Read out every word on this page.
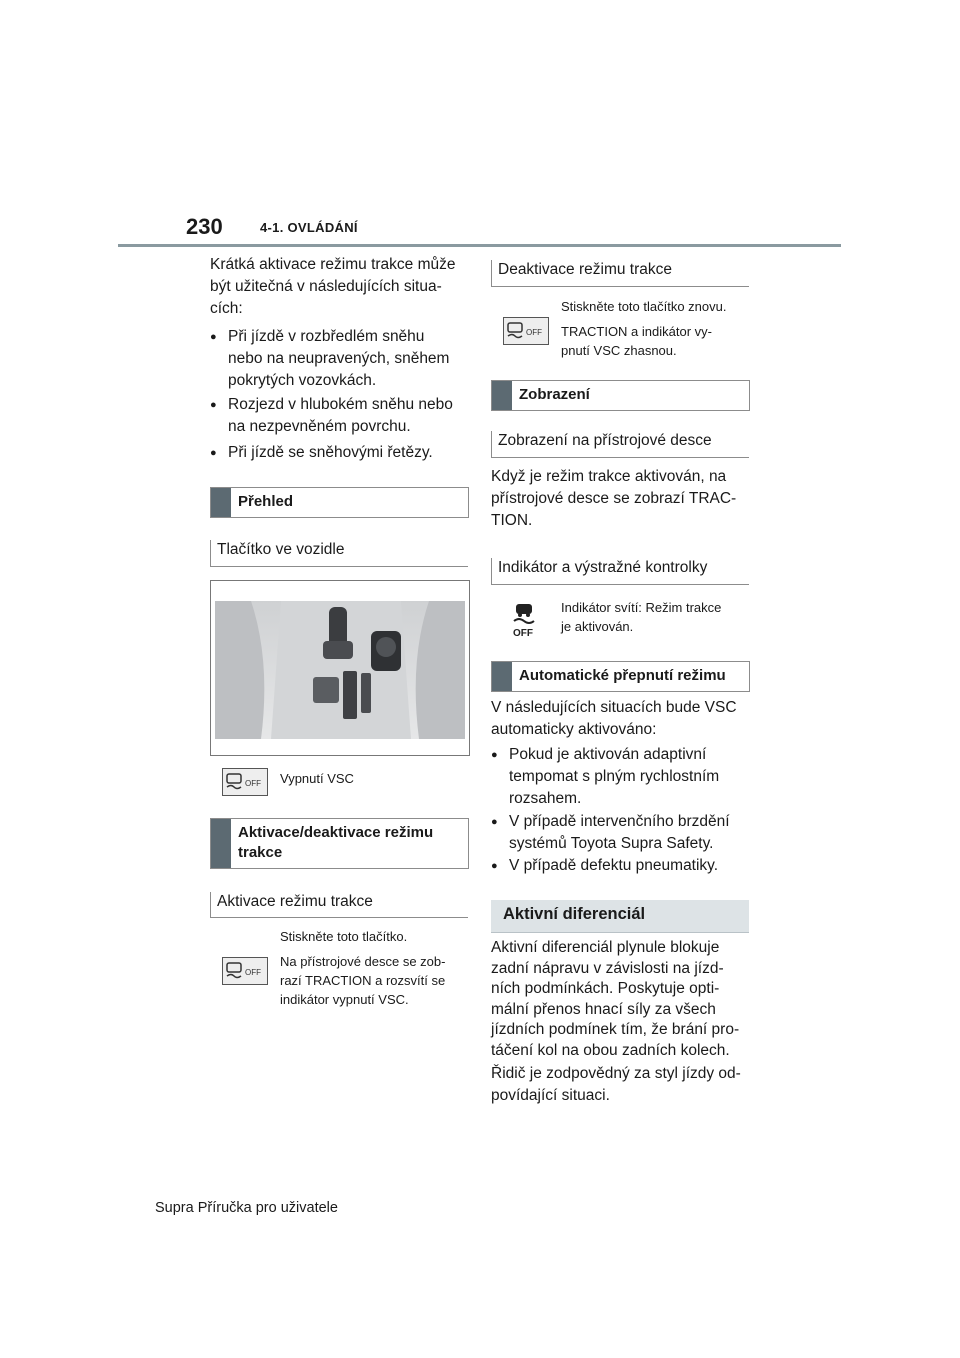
230	4-1. OVLÁDÁNÍ
Krátká aktivace režimu trakce může
být užitečná v následujících situa-
cích:
● Při jízdě v rozbředlém sněhu
nebo na neupravených, sněhem
pokrytých vozovkách.
● Rozjezd v hlubokém sněhu nebo
na nezpevněném povrchu.
● Při jízdě se sněhovými řetězy.
Přehled
Tlačítko ve vozidle
OFF Vypnutí VSC
Aktivace/deaktivace režimu
trakce
Aktivace režimu trakce
Stiskněte toto tlačítko.
Na přístrojové desce se zob-
razí TRACTION a rozsvítí se
indikátor vypnutí VSC.
OFF
Deaktivace režimu trakce
Stiskněte toto tlačítko znovu.
TRACTION a indikátor vy-
pnutí VSC zhasnou.
OFF
Zobrazení
Zobrazení na přístrojové desce
Když je režim trakce aktivován, na
přístrojové desce se zobrazí TRAC-
TION.
Indikátor a výstražné kontrolky
OFF
Indikátor svítí: Režim trakce
je aktivován.
Automatické přepnutí režimu
V následujících situacích bude VSC
automaticky aktivováno:
● Pokud je aktivován adaptivní
tempomat s plným rychlostním
rozsahem.
● V případě intervenčního brzdění
systémů Toyota Supra Safety.
● V případě defektu pneumatiky.
Aktivní diferenciál
Aktivní diferenciál plynule blokuje
zadní nápravu v závislosti na jízd-
ních podmínkách. Poskytuje opti-
mální přenos hnací síly za všech
jízdních podmínek tím, že brání pro-
táčení kol na obou zadních kolech.
Řidič je zodpovědný za styl jízdy od-
povídající situaci.
Supra Příručka pro uživatele
